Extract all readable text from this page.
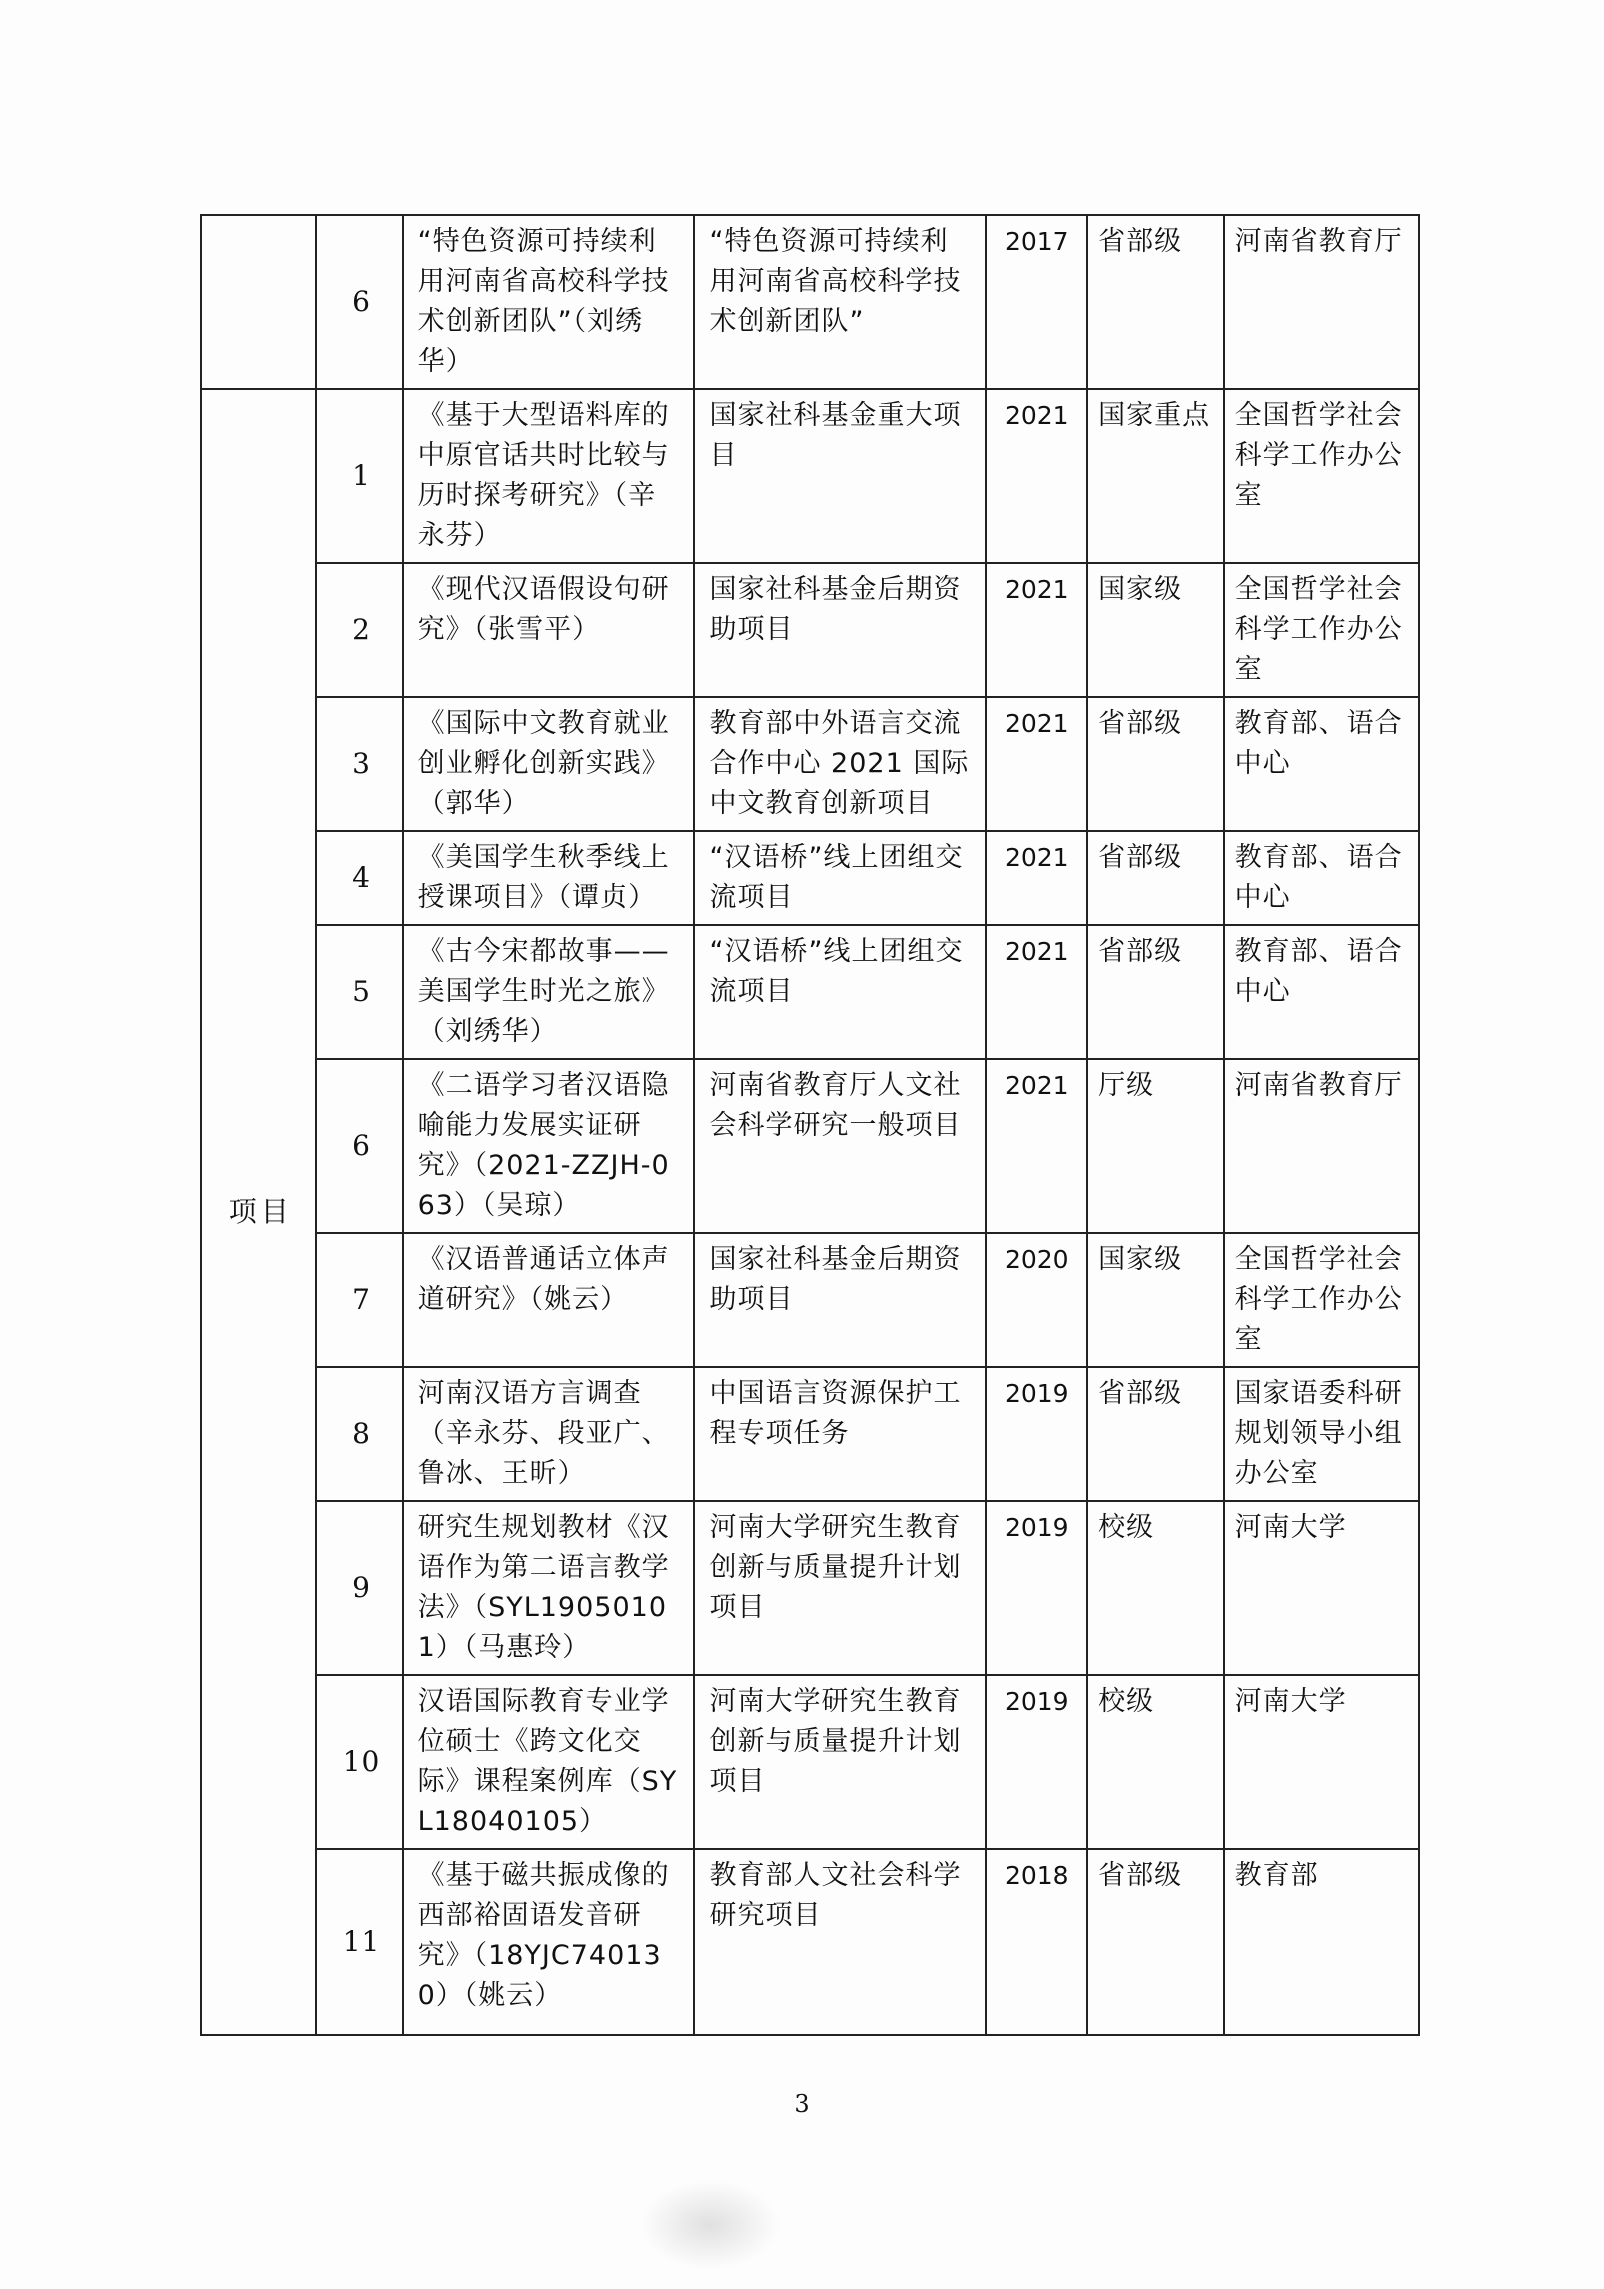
	6	“特色资源可持续利用河南省高校科学技术创新团队”（刘绣华）	“特色资源可持续利用河南省高校科学技术创新团队”	2017	省部级	河南省教育厅
项目	1	《基于大型语料库的中原官话共时比较与历时探考研究》（辛永芬）	国家社科基金重大项目	2021	国家重点	全国哲学社会科学工作办公室
	2	《现代汉语假设句研究》（张雪平）	国家社科基金后期资助项目	2021	国家级	全国哲学社会科学工作办公室
	3	《国际中文教育就业创业孵化创新实践》（郭华）	教育部中外语言交流合作中心 2021 国际中文教育创新项目	2021	省部级	教育部、语合中心
	4	《美国学生秋季线上授课项目》（谭贞）	“汉语桥”线上团组交流项目	2021	省部级	教育部、语合中心
	5	《古今宋都故事——美国学生时光之旅》（刘绣华）	“汉语桥”线上团组交流项目	2021	省部级	教育部、语合中心
	6	《二语学习者汉语隐喻能力发展实证研究》（2021-ZZJH-063）（吴琼）	河南省教育厅人文社会科学研究一般项目	2021	厅级	河南省教育厅
	7	《汉语普通话立体声道研究》（姚云）	国家社科基金后期资助项目	2020	国家级	全国哲学社会科学工作办公室
	8	河南汉语方言调查（辛永芬、段亚广、鲁冰、王昕）	中国语言资源保护工程专项任务	2019	省部级	国家语委科研规划领导小组办公室
	9	研究生规划教材《汉语作为第二语言教学法》（SYL19050101）（马惠玲）	河南大学研究生教育创新与质量提升计划项目	2019	校级	河南大学
	10	汉语国际教育专业学位硕士《跨文化交际》课程案例库（SYL18040105）	河南大学研究生教育创新与质量提升计划项目	2019	校级	河南大学
	11	《基于磁共振成像的西部裕固语发音研究》（18YJC740130）（姚云）	教育部人文社会科学研究项目	2018	省部级	教育部
3
